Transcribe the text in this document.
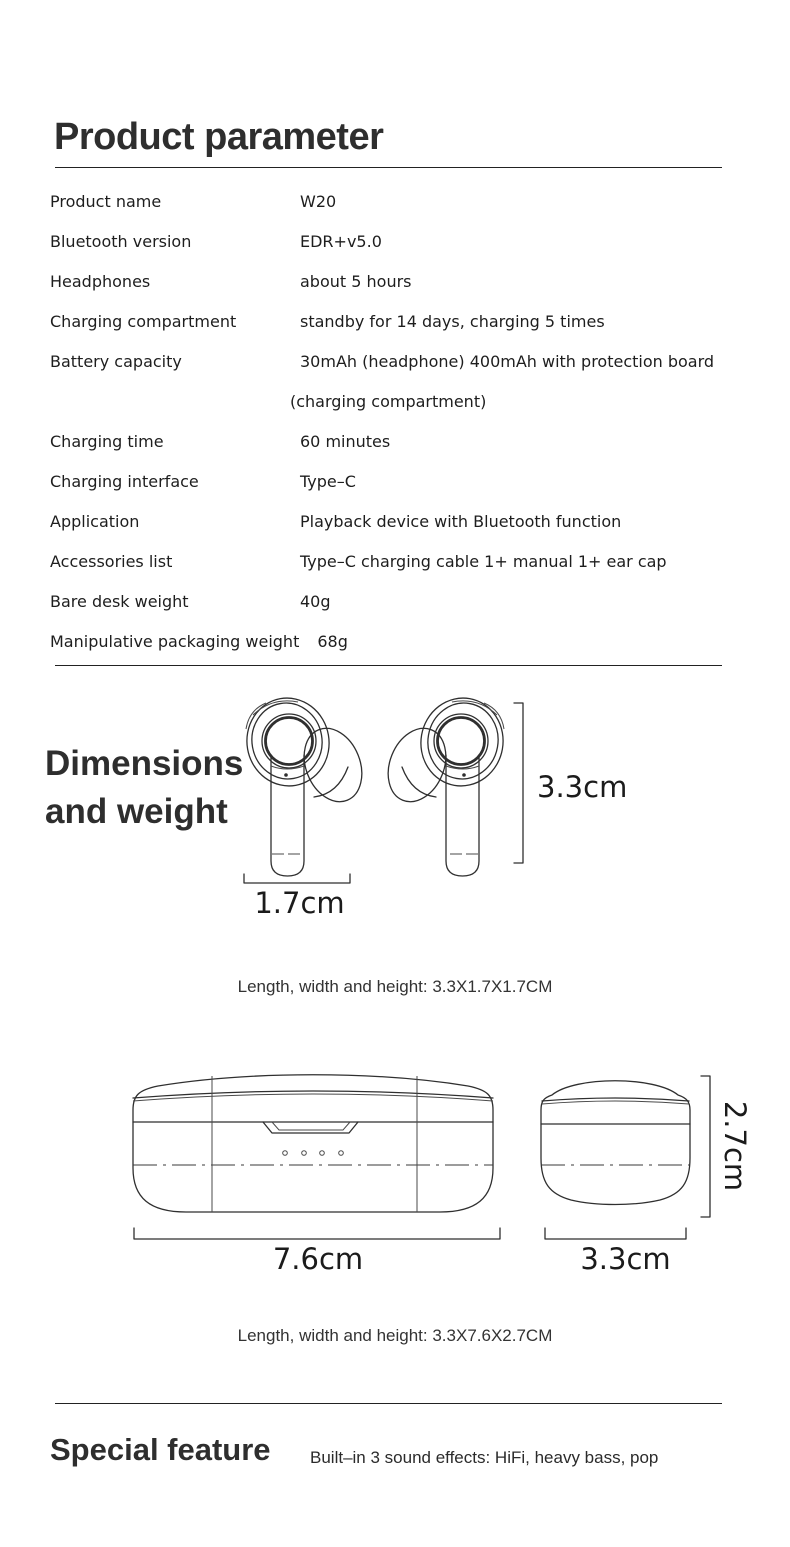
Product parameter
Product name	W20
Bluetooth version	EDR+v5.0
Headphones	about 5 hours
Charging compartment	standby for 14 days, charging 5 times
Battery capacity	30mAh (headphone) 400mAh with protection board
(charging compartment)
Charging time	60 minutes
Charging interface	Type–C
Application	Playback device with Bluetooth function
Accessories list	Type–C charging cable 1+ manual 1+ ear cap
Bare desk weight	40g
Manipulative packaging weight	68g
Dimensions
and weight
3.3cm
1.7cm
Length, width and height: 3.3X1.7X1.7CM
7.6cm	3.3cm
2.7cm
Length, width and height: 3.3X7.6X2.7CM
Special feature Built–in 3 sound effects: HiFi, heavy bass, pop
